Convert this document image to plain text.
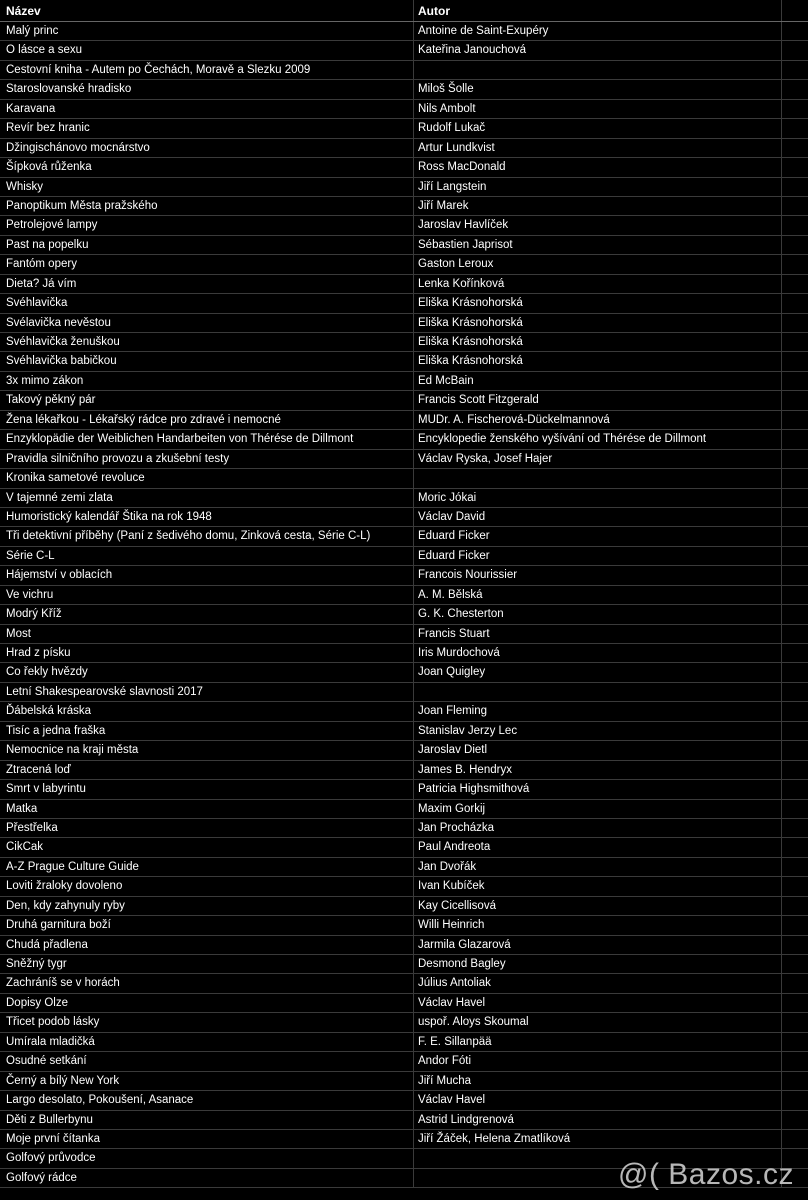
Název	Autor
Malý princ	Antoine de Saint-Exupéry
O lásce a sexu	Kateřina Janouchová
Cestovní kniha - Autem po Čechách, Moravě a Slezku 2009
Staroslovanské hradisko	Miloš Šolle
Karavana	Nils Ambolt
Revír bez hranic	Rudolf Lukač
Džingischánovo mocnárstvo	Artur Lundkvist
Šípková růženka	Ross MacDonald
Whisky	Jiří Langstein
Panoptikum Města pražského	Jiří Marek
Petrolejové lampy	Jaroslav Havlíček
Past na popelku	Sébastien Japrisot
Fantóm opery	Gaston Leroux
Dieta? Já vím	Lenka Kořínková
Svéhlavička	Eliška Krásnohorská
Svélavička nevěstou	Eliška Krásnohorská
Svéhlavička ženuškou	Eliška Krásnohorská
Svéhlavička babičkou	Eliška Krásnohorská
3x mimo zákon	Ed McBain
Takový pěkný pár	Francis Scott Fitzgerald
Žena lékařkou - Lékařský rádce pro zdravé i nemocné	MUDr. A. Fischerová-Dückelmannová
Enzyklopädie der Weiblichen Handarbeiten von Thérése de Dillmont	Encyklopedie ženského vyšívání od Thérése de Dillmont
Pravidla silničního provozu a zkušební testy	Václav Ryska, Josef Hajer
Kronika sametové revoluce
V tajemné zemi zlata	Moric Jókai
Humoristický kalendář Štika na rok 1948	Václav David
Tři detektivní příběhy (Paní z šedivého domu, Zinková cesta, Série C-L)	Eduard Ficker
Série C-L	Eduard Ficker
Hájemství v oblacích	Francois Nourissier
Ve vichru	A. M. Bělská
Modrý Kříž	G. K. Chesterton
Most	Francis Stuart
Hrad z písku	Iris Murdochová
Co řekly hvězdy	Joan Quigley
Letní Shakespearovské slavnosti 2017
Ďábelská kráska	Joan Fleming
Tisíc a jedna fraška	Stanislav Jerzy Lec
Nemocnice na kraji města	Jaroslav Dietl
Ztracená loď	James B. Hendryx
Smrt v labyrintu	Patricia Highsmithová
Matka	Maxim Gorkij
Přestřelka	Jan Procházka
CikCak	Paul Andreota
A-Z Prague Culture Guide	Jan Dvořák
Loviti žraloky dovoleno	Ivan Kubíček
Den, kdy zahynuly ryby	Kay Cicellisová
Druhá garnitura boží	Willi Heinrich
Chudá přadlena	Jarmila Glazarová
Sněžný tygr	Desmond Bagley
Zachráníš se v horách	Július Antoliak
Dopisy Olze	Václav Havel
Třicet podob lásky	uspoř. Aloys Skoumal
Umírala mladičká	F. E. Sillanpää
Osudné setkání	Andor Fóti
Černý a bílý New York	Jiří Mucha
Largo desolato, Pokoušení, Asanace	Václav Havel
Děti z Bullerbynu	Astrid Lindgrenová
Moje první čítanka	Jiří Žáček, Helena Zmatlíková
Golfový průvodce
Golfový rádce	@( Bazos.cz
